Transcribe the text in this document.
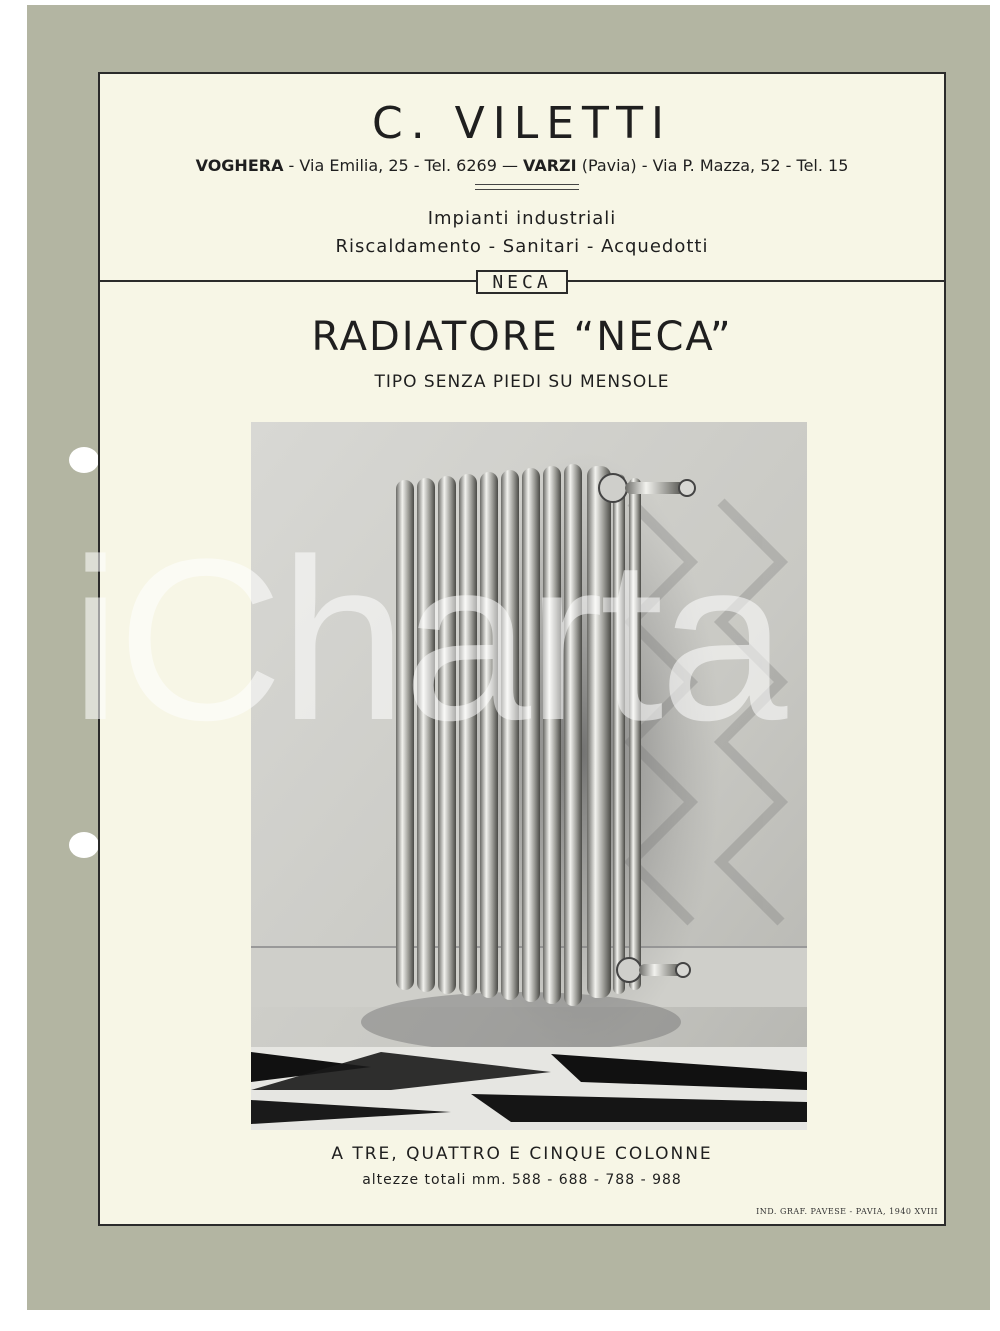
C. VILETTI
VOGHERA - Via Emilia, 25 - Tel. 6269 — VARZI (Pavia) - Via P. Mazza, 52 - Tel. 15
Impianti industriali
Riscaldamento - Sanitari - Acquedotti
NECA
RADIATORE “NECA”
TIPO SENZA PIEDI SU MENSOLE
A TRE, QUATTRO E CINQUE COLONNE
altezze totali mm. 588 - 688 - 788 - 988
IND. GRAF. PAVESE - PAVIA, 1940 XVIII
iCharta
